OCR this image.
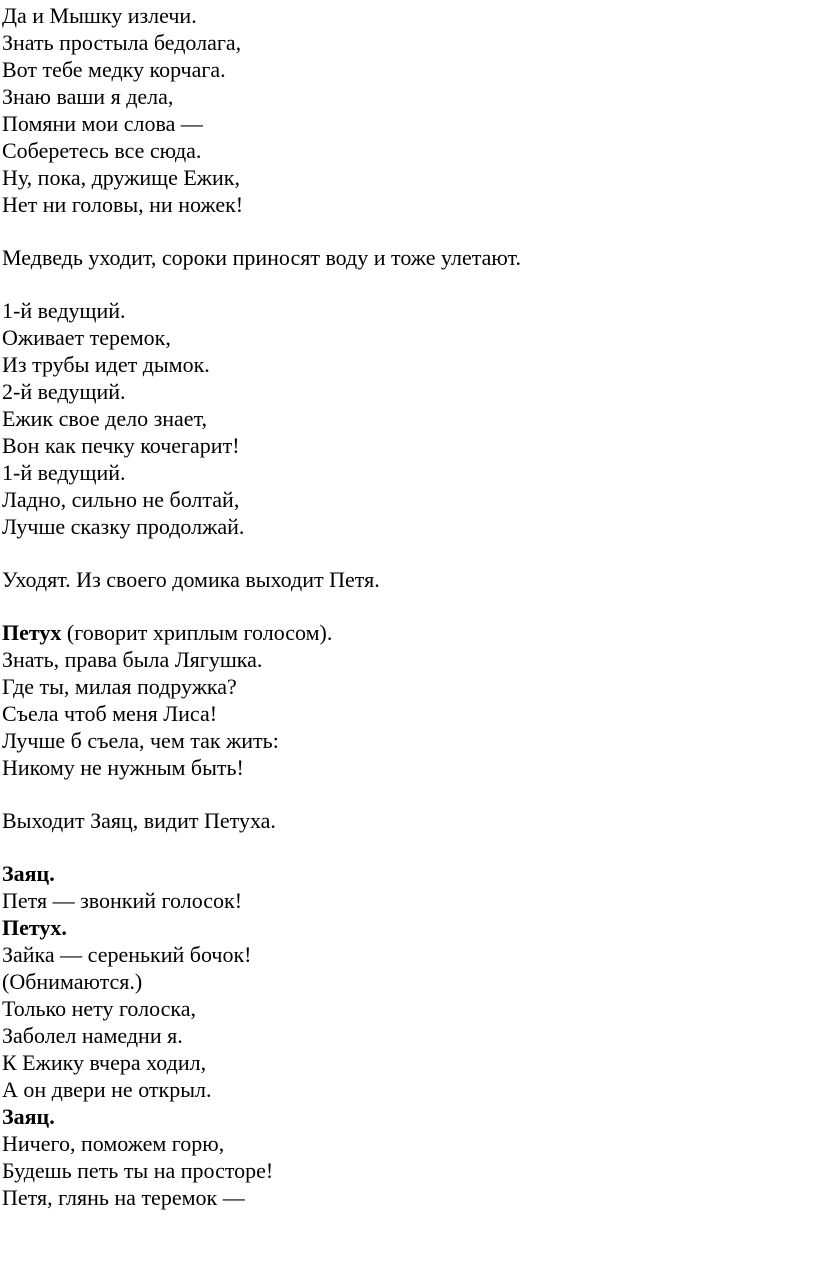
Да и Мышку излечи.
Знать простыла бедолага,
Вот тебе медку корчага.
Знаю ваши я дела,
Помяни мои слова —
Соберетесь все сюда.
Ну, пока, дружище Ежик,
Нет ни головы, ни ножек!
Медведь уходит, сороки приносят воду и тоже улетают.
1-й ведущий.
Оживает теремок,
Из трубы идет дымок.
2-й ведущий.
Ежик свое дело знает,
Вон как печку кочегарит!
1-й ведущий.
Ладно, сильно не болтай,
Лучше сказку продолжай.
Уходят. Из своего домика выходит Петя.
Петух (говорит хриплым голосом).
Знать, права была Лягушка.
Где ты, милая подружка?
Съела чтоб меня Лиса!
Лучше б съела, чем так жить:
Никому не нужным быть!
Выходит Заяц, видит Петуха.
Заяц.
Петя — звонкий голосок!
Петух.
Зайка — серенький бочок!
(Обнимаются.)
Только нету голоска,
Заболел намедни я.
К Ежику вчера ходил,
А он двери не открыл.
Заяц.
Ничего, поможем горю,
Будешь петь ты на просторе!
Петя, глянь на теремок —
